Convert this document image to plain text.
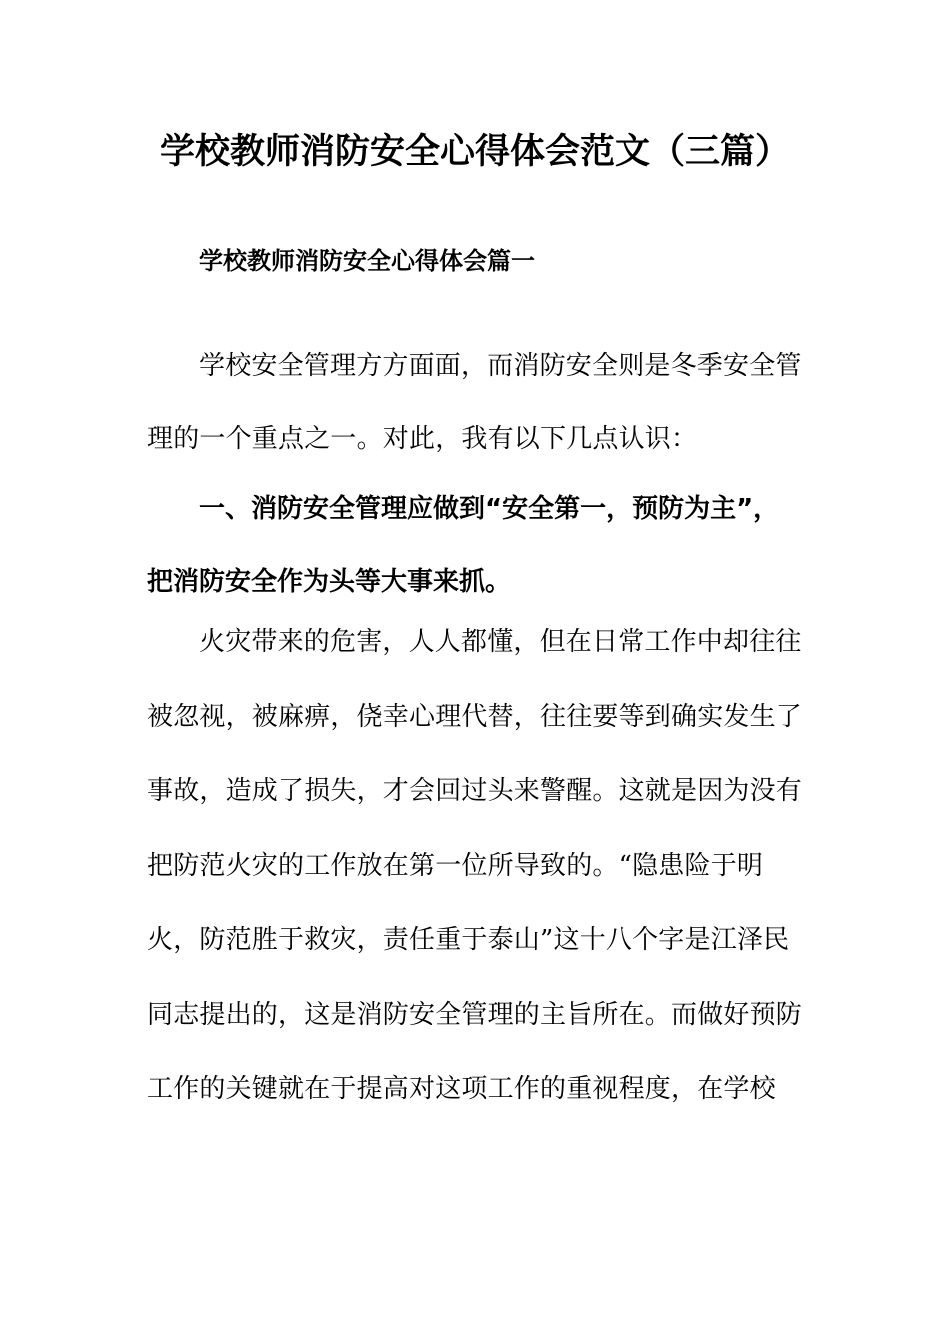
学校教师消防安全心得体会范文（三篇）
学校教师消防安全心得体会篇一
学校安全管理方方面面，而消防安全则是冬季安全管
理的一个重点之一。对此，我有以下几点认识：
一、消防安全管理应做到“安全第一，预防为主”，
把消防安全作为头等大事来抓。
火灾带来的危害，人人都懂，但在日常工作中却往往
被忽视，被麻痹，侥幸心理代替，往往要等到确实发生了
事故，造成了损失，才会回过头来警醒。这就是因为没有
把防范火灾的工作放在第一位所导致的。“隐患险于明
火，防范胜于救灾，责任重于泰山”这十八个字是江泽民
同志提出的，这是消防安全管理的主旨所在。而做好预防
工作的关键就在于提高对这项工作的重视程度，在学校
